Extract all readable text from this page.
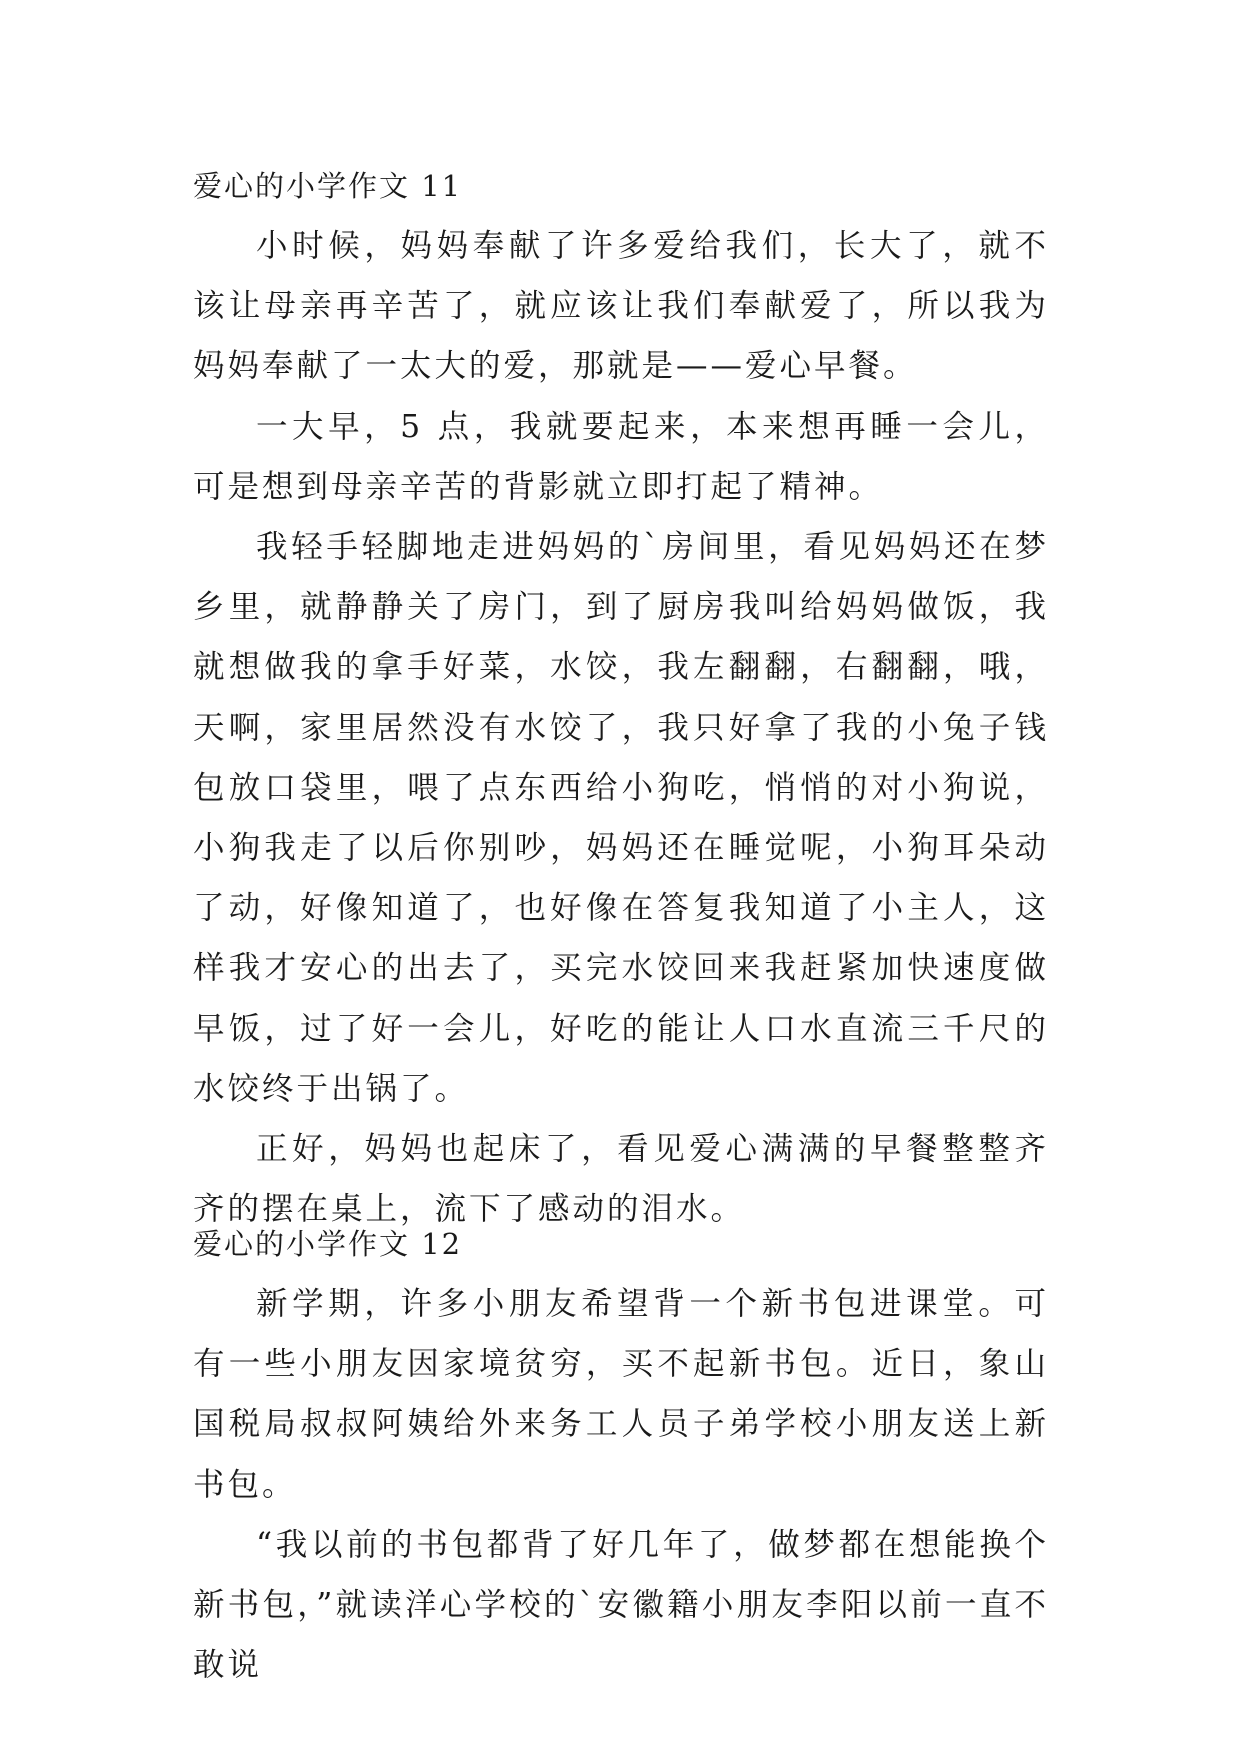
爱心的小学作文 11

小时候，妈妈奉献了许多爱给我们，长大了，就不该让母亲再辛苦了，就应该让我们奉献爱了，所以我为妈妈奉献了一太大的爱，那就是——爱心早餐。

一大早，5 点，我就要起来，本来想再睡一会儿，可是想到母亲辛苦的背影就立即打起了精神。

我轻手轻脚地走进妈妈的`房间里，看见妈妈还在梦乡里，就静静关了房门，到了厨房我叫给妈妈做饭，我就想做我的拿手好菜，水饺，我左翻翻，右翻翻，哦，天啊，家里居然没有水饺了，我只好拿了我的小兔子钱包放口袋里，喂了点东西给小狗吃，悄悄的对小狗说，小狗我走了以后你别吵，妈妈还在睡觉呢，小狗耳朵动了动，好像知道了，也好像在答复我知道了小主人，这样我才安心的出去了，买完水饺回来我赶紧加快速度做早饭，过了好一会儿，好吃的能让人口水直流三千尺的水饺终于出锅了。

正好，妈妈也起床了，看见爱心满满的早餐整整齐齐的摆在桌上，流下了感动的泪水。

爱心的小学作文 12

新学期，许多小朋友希望背一个新书包进课堂。可有一些小朋友因家境贫穷，买不起新书包。近日，象山国税局叔叔阿姨给外来务工人员子弟学校小朋友送上新书包。

“我以前的书包都背了好几年了，做梦都在想能换个新书包，”就读洋心学校的`安徽籍小朋友李阳以前一直不敢说
